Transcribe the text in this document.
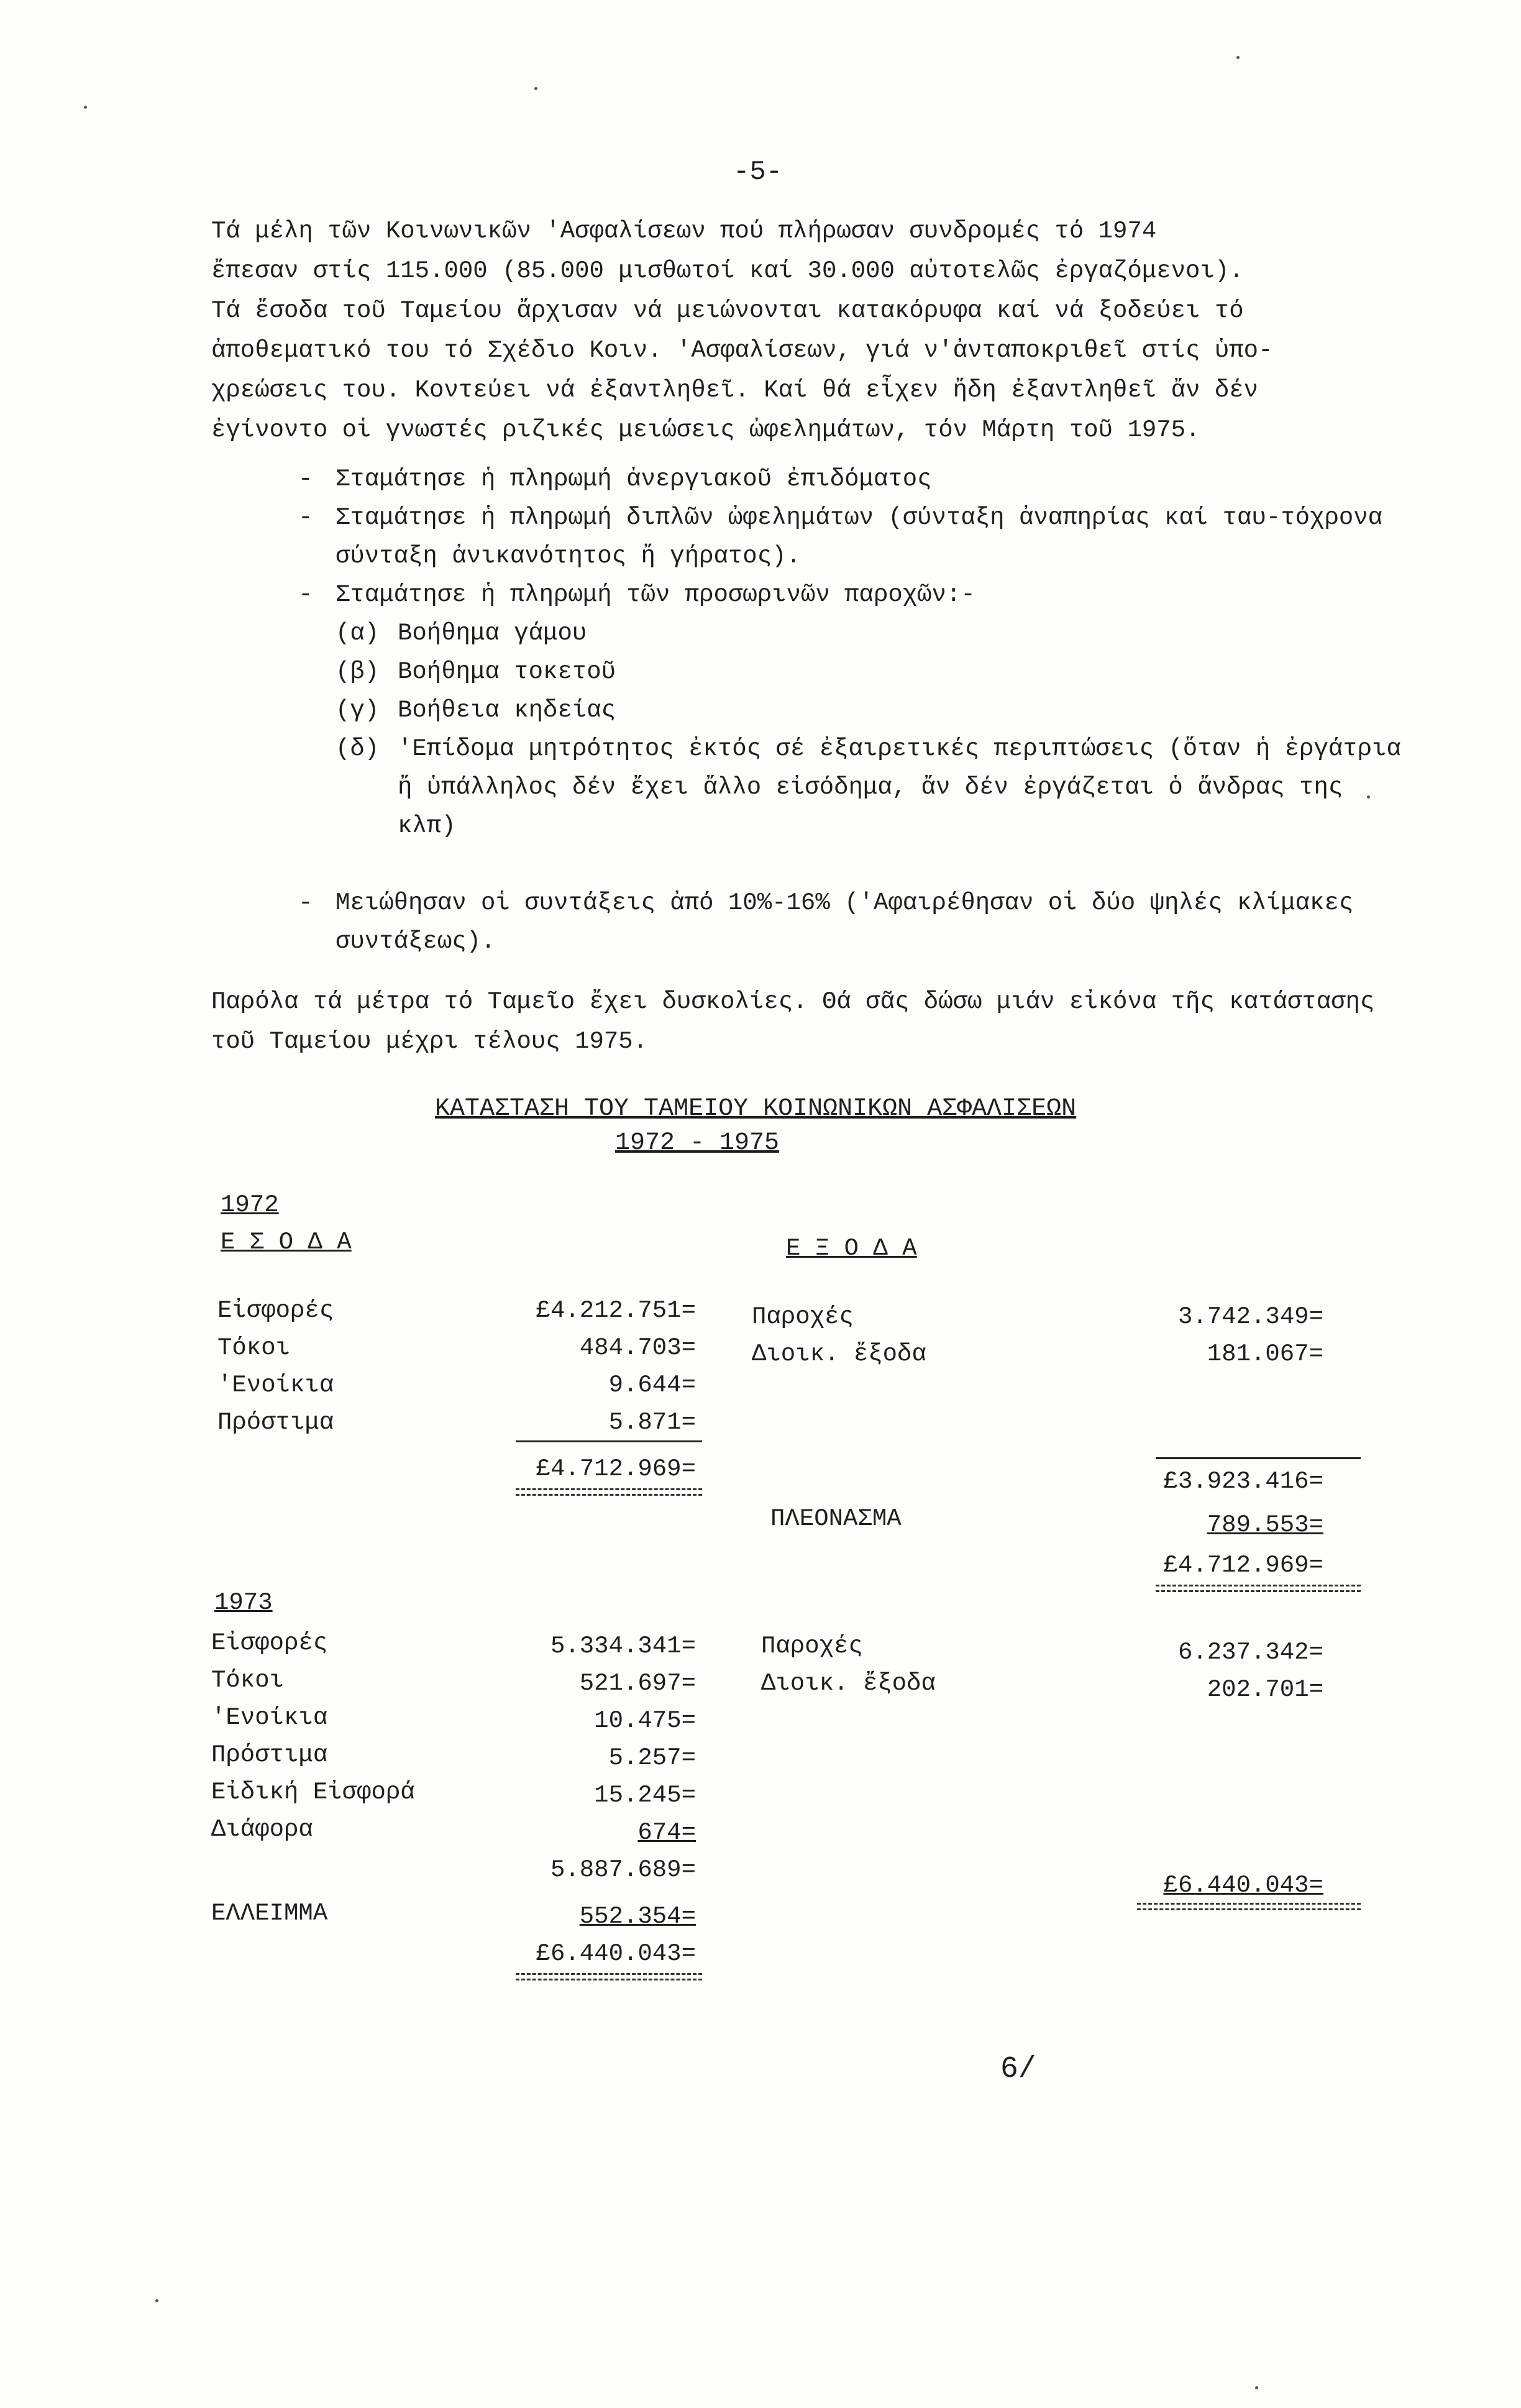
-5-
Τά μέλη τῶν Κοινωνικῶν 'Ασφαλίσεων πού πλήρωσαν συνδρομές τό 1974
ἔπεσαν στίς 115.000 (85.000 μισθωτοί καί 30.000 αὐτοτελῶς ἐργαζόμενοι).
Τά ἔσοδα τοῦ Ταμείου ἄρχισαν νά μειώνονται κατακόρυφα καί νά ξοδεύει τό
ἀποθεματικό του τό Σχέδιο Κοιν. 'Ασφαλίσεων, γιά ν'ἀνταποκριθεῖ στίς ὑπο-
χρεώσεις του. Κοντεύει νά ἐξαντληθεῖ. Καί θά εἶχεν ἤδη ἐξαντληθεῖ ἄν δέν
ἐγίνοντο οἱ γνωστές ριζικές μειώσεις ὠφελημάτων, τόν Μάρτη τοῦ 1975.
- Σταμάτησε ἡ πληρωμή ἀνεργιακοῦ ἐπιδόματος
- Σταμάτησε ἡ πληρωμή διπλῶν ὠφελημάτων (σύνταξη ἀναπηρίας καί ταυ-τόχρονα σύνταξη ἀνικανότητος ἤ γήρατος).
- Σταμάτησε ἡ πληρωμή τῶν προσωρινῶν παροχῶν:-
(α) Βοήθημα γάμου
(β) Βοήθημα τοκετοῦ
(γ) Βοήθεια κηδείας
(δ) 'Επίδομα μητρότητος ἐκτός σέ ἐξαιρετικές περιπτώσεις (ὅταν ἡ ἐργάτρια ἤ ὑπάλληλος δέν ἔχει ἄλλο εἰσόδημα, ἄν δέν ἐργάζεται ὁ ἄνδρας της κλπ)
- Μειώθησαν οἱ συντάξεις ἀπό 10%-16% ('Αφαιρέθησαν οἱ δύο ψηλές κλίμακες συντάξεως).

Παρόλα τά μέτρα τό Ταμεῖο ἔχει δυσκολίες. Θά σᾶς δώσω μιάν εἰκόνα τῆς κατάστασης τοῦ Ταμείου μέχρι τέλους 1975.

ΚΑΤΑΣΤΑΣΗ ΤΟΥ ΤΑΜΕΙΟΥ ΚΟΙΝΩΝΙΚΩΝ ΑΣΦΑΛΙΣΕΩΝ
1972 - 1975
1972
Ε Σ Ο Δ Α	Ε Ξ Ο Δ Α
Εἰσφορές	£4.212.751=
Τόκοι	484.703=
'Ενοίκια	9.644=
Πρόστιμα	5.871=
£4.712.969=
Παροχές	3.742.349=
Διοικ. ἔξοδα	181.067=
£3.923.416=
ΠΛΕΟΝΑΣΜΑ	789.553=
£4.712.969=
1973
Εἰσφορές	5.334.341=
Τόκοι	521.697=
'Ενοίκια	10.475=
Πρόστιμα	5.257=
Εἰδική Εἰσφορά	15.245=
Διάφορα	674=
5.887.689=
ΕΛΛΕΙΜΜΑ	552.354=
£6.440.043=
Παροχές	6.237.342=
Διοικ. ἔξοδα	202.701=
£6.440.043=
6/
